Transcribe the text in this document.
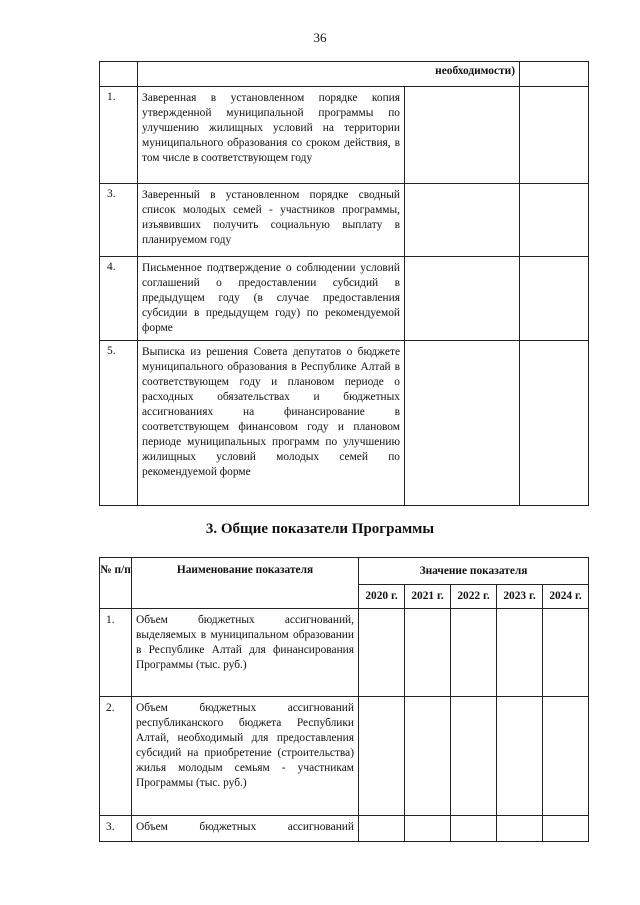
36
	необходимости)		
1.	Заверенная в установленном порядке копия утвержденной муниципальной программы по улучшению жилищных условий на территории муниципального образования со сроком действия, в том числе в соответствующем году		
3.	Заверенный в установленном порядке сводный список молодых семей - участников программы, изъявивших получить социальную выплату в планируемом году		
4.	Письменное подтверждение о соблюдении условий соглашений о предоставлении субсидий в предыдущем году (в случае предоставления субсидии в предыдущем году) по рекомендуемой форме		
5.	Выписка из решения Совета депутатов о бюджете муниципального образования в Республике Алтай в соответствующем году и плановом периоде о расходных обязательствах и бюджетных ассигнованиях на финансирование в соответствующем финансовом году и плановом периоде муниципальных программ по улучшению жилищных условий молодых семей по рекомендуемой форме		
3. Общие показатели Программы
№ п/п	Наименование показателя	Значение показателя				
		2020 г.	2021 г.	2022 г.	2023 г.	2024 г.
1.	Объем бюджетных ассигнований, выделяемых в муниципальном образовании в Республике Алтай для финансирования Программы (тыс. руб.)					
2.	Объем бюджетных ассигнований республиканского бюджета Республики Алтай, необходимый для предоставления субсидий на приобретение (строительства) жилья молодым семьям - участникам Программы (тыс. руб.)					
3.	Объем бюджетных ассигнований					
